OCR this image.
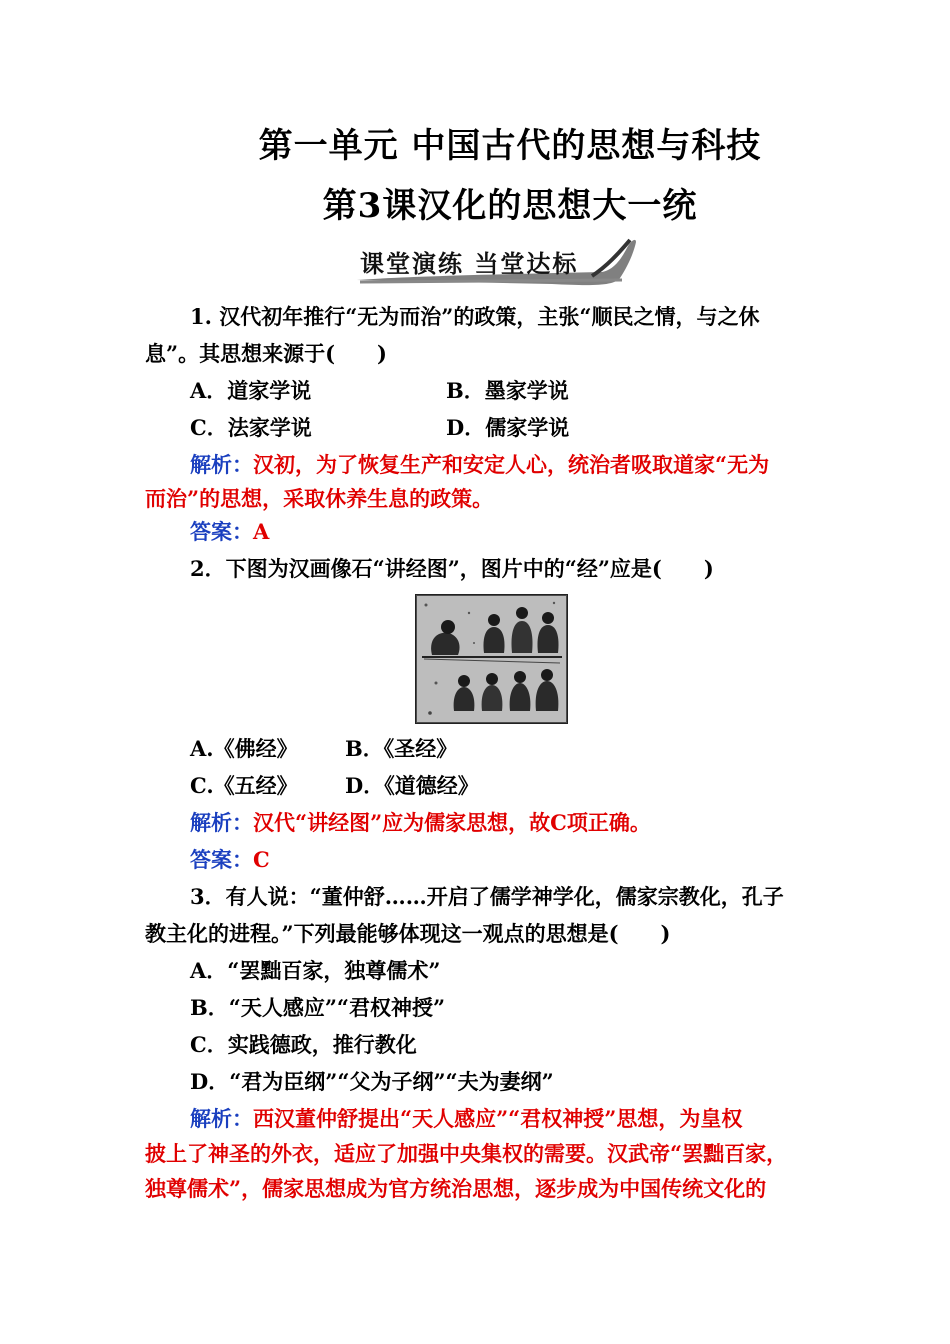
第一单元 中国古代的思想与科技
第3课汉化的思想大一统
课堂演练 当堂达标
1. 汉代初年推行“无为而治”的政策，主张“顺民之情，与之休
息”。其思想来源于(　　)
A．道家学说	B．墨家学说
C．法家学说	D．儒家学说
解析：汉初，为了恢复生产和安定人心，统治者吸取道家“无为
而治”的思想，采取休养生息的政策。
答案：A
2．下图为汉画像石“讲经图”，图片中的“经”应是(　　)
A.《佛经》	B．《圣经》
C.《五经》	D．《道德经》
解析：汉代“讲经图”应为儒家思想，故C项正确。
答案：C
3．有人说：“董仲舒……开启了儒学神学化，儒家宗教化，孔子
教主化的进程。”下列最能够体现这一观点的思想是(　　)
A．“罢黜百家，独尊儒术”
B．“天人感应”“君权神授”
C．实践德政，推行教化
D．“君为臣纲”“父为子纲”“夫为妻纲”
解析：西汉董仲舒提出“天人感应”“君权神授”思想，为皇权
披上了神圣的外衣，适应了加强中央集权的需要。汉武帝“罢黜百家，
独尊儒术”，儒家思想成为官方统治思想，逐步成为中国传统文化的
